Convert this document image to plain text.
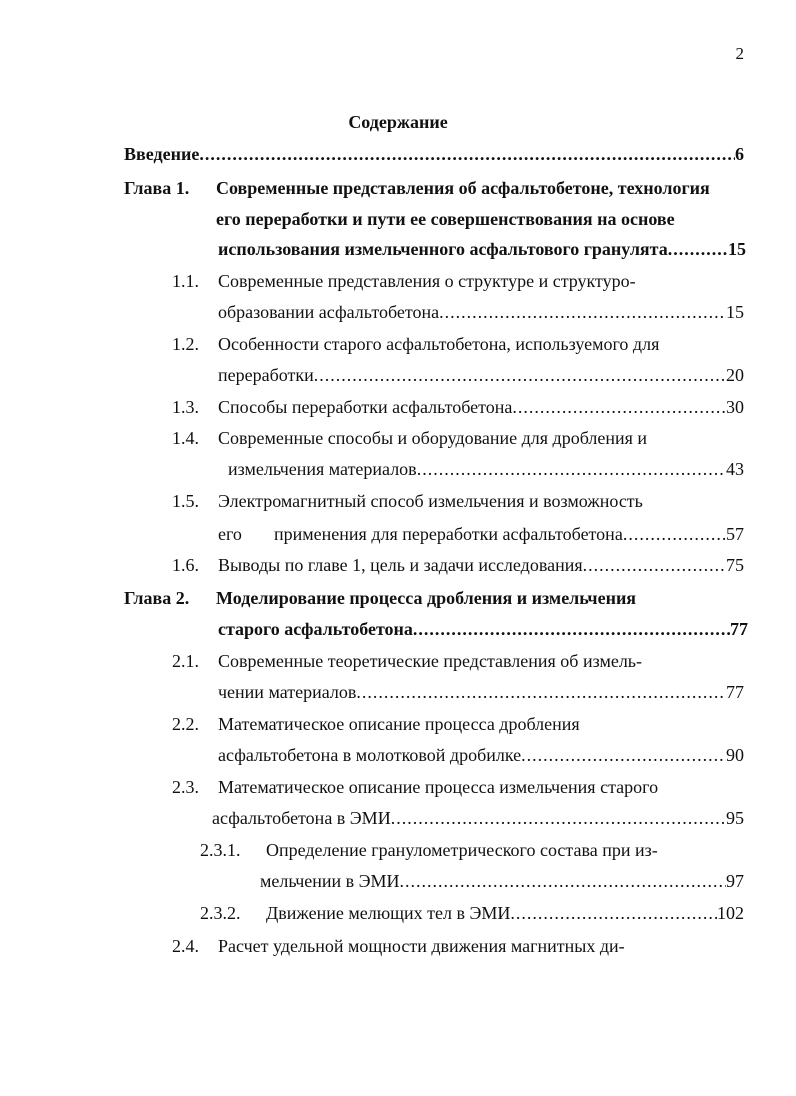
2
Содержание
Введение .....	6
Глава 1. Современные представления об асфальтобетоне, технология
его переработки и пути ее совершенствования на основе
использования измельченного асфальтового гранулята .....	15
1.1. Современные представления о структуре и структуро-
образовании асфальтобетона .....	15
1.2. Особенности старого асфальтобетона, используемого для
переработки .....	20
1.3. Способы переработки асфальтобетона .....	30
1.4. Современные способы и оборудование для дробления и
измельчения материалов .....	43
1.5. Электромагнитный способ измельчения и возможность
его применения для переработки асфальтобетона .....	57
1.6. Выводы по главе 1, цель и задачи исследования .....	75
Глава 2. Моделирование процесса дробления и измельчения
старого асфальтобетона .....	77
2.1. Современные теоретические представления об измель-
чении материалов .....	77
2.2. Математическое описание процесса дробления
асфальтобетона в молотковой дробилке .....	90
2.3. Математическое описание процесса измельчения старого
асфальтобетона в ЭМИ .....	95
2.3.1. Определение гранулометрического состава при из-
мельчении в ЭМИ .....	97
2.3.2. Движение мелющих тел в ЭМИ .....	102
2.4. Расчет удельной мощности движения магнитных ди-
